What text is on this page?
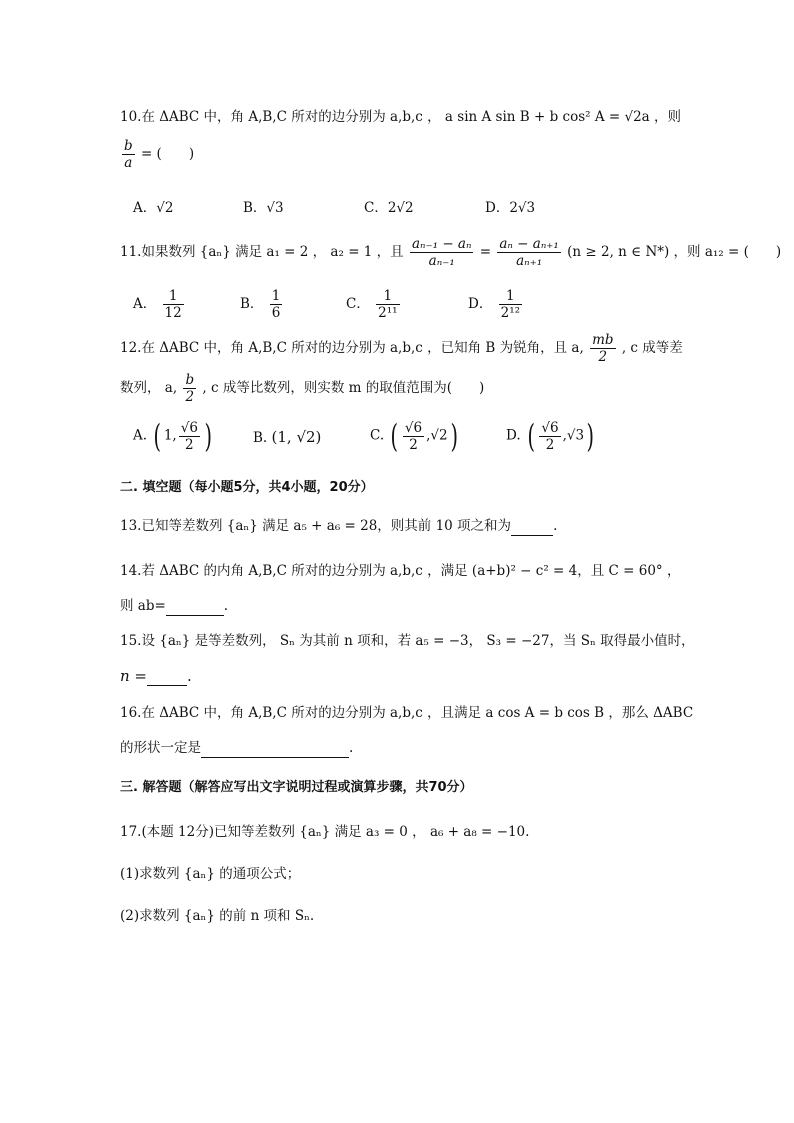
10.在 ΔABC 中，角 A,B,C 所对的边分别为 a,b,c ， a sin A sin B + b cos² A = √2a ，则
$\frac{b}{a}$ = (　　)
A．√2	B．√3	C．2√2	D．2√3
11.如果数列 {aₙ} 满足 a₁ = 2 ， a₂ = 1 ，且 $\frac{\text{aₙ₋₁ − aₙ}}{\text{aₙ₋₁}} = \frac{\text{aₙ − aₙ₊₁}}{\text{aₙ₊₁}} (n \ge 2$, n ∈ N*) ，则 a₁₂ = (　　)
A． $\frac{1}{12}$	B． $\frac{1}{6}$	C． $\frac{1}{\text{2¹¹}}$	D． $\frac{1}{\text{2¹²}}$
12.在 ΔABC 中，角 A,B,C 所对的边分别为 a,b,c ，已知角 B 为锐角，且 a, $\frac{mb}{2}$ , c 成等差
数列， a, $\frac{b}{2}$ , c 成等比数列，则实数 m 的取值范围为(　　)
A. ( 1, $\frac{√6}{2}$ )	B. (1, √2)	C. ( $\frac{√6}{2} ,√2$)	D. ( $\frac{√6}{2} ,√3$)
二. 填空题（每小题5分，共4小题，20分）
13.已知等差数列 {aₙ} 满足 a₅ + a₆ = 28，则其前 10 项之和为	.
14.若 ΔABC 的内角 A,B,C 所对的边分别为 a,b,c ，满足 (a+b)² − c² = 4，且 C = 60° ，
则 ab=	.
15.设 {aₙ} 是等差数列， Sₙ 为其前 n 项和，若 a₅ = −3， S₃ = −27，当 Sₙ 取得最小值时，
n =	.
16.在 ΔABC 中，角 A,B,C 所对的边分别为 a,b,c ，且满足 a cos A = b cos B ，那么 ΔABC
的形状一定是	.
三. 解答题（解答应写出文字说明过程或演算步骤，共70分）
17.(本题 12分)已知等差数列 {aₙ} 满足 a₃ = 0 ， a₆ + a₈ = −10.
(1)求数列 {aₙ} 的通项公式；
(2)求数列 {aₙ} 的前 n 项和 Sₙ.
